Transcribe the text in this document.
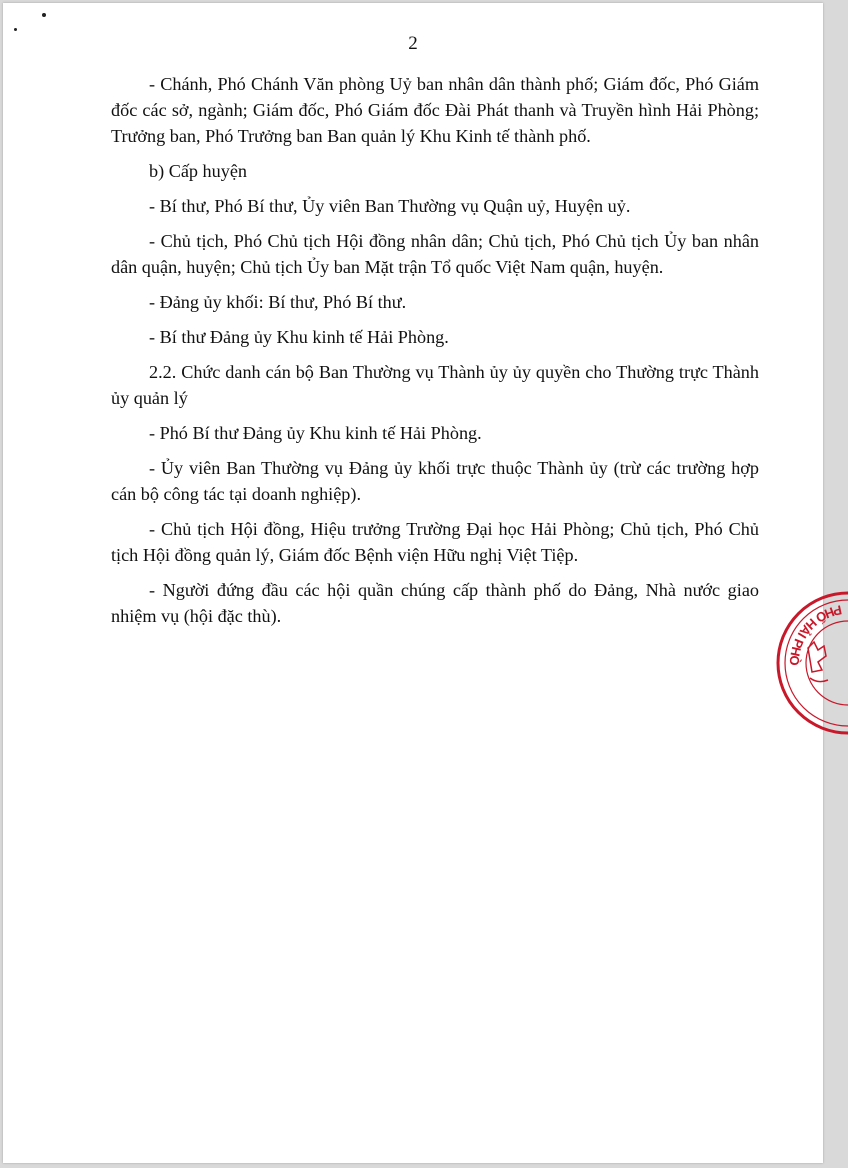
2

- Chánh, Phó Chánh Văn phòng Uỷ ban nhân dân thành phố; Giám đốc, Phó Giám đốc các sở, ngành; Giám đốc, Phó Giám đốc Đài Phát thanh và Truyền hình Hải Phòng; Trưởng ban, Phó Trưởng ban Ban quản lý Khu Kinh tế thành phố.

b) Cấp huyện

- Bí thư, Phó Bí thư, Ủy viên Ban Thường vụ Quận uỷ, Huyện uỷ.

- Chủ tịch, Phó Chủ tịch Hội đồng nhân dân; Chủ tịch, Phó Chủ tịch Ủy ban nhân dân quận, huyện; Chủ tịch Ủy ban Mặt trận Tổ quốc Việt Nam quận, huyện.

- Đảng ủy khối: Bí thư, Phó Bí thư.

- Bí thư Đảng ủy Khu kinh tế Hải Phòng.

2.2. Chức danh cán bộ Ban Thường vụ Thành ủy ủy quyền cho Thường trực Thành ủy quản lý

- Phó Bí thư Đảng ủy Khu kinh tế Hải Phòng.

- Ủy viên Ban Thường vụ Đảng ủy khối trực thuộc Thành ủy (trừ các trường hợp cán bộ công tác tại doanh nghiệp).

- Chủ tịch Hội đồng, Hiệu trưởng Trường Đại học Hải Phòng; Chủ tịch, Phó Chủ tịch Hội đồng quản lý, Giám đốc Bệnh viện Hữu nghị Việt Tiệp.

- Người đứng đầu các hội quần chúng cấp thành phố do Đảng, Nhà nước giao nhiệm vụ (hội đặc thù).	PHỐ HẢI PHÒ
